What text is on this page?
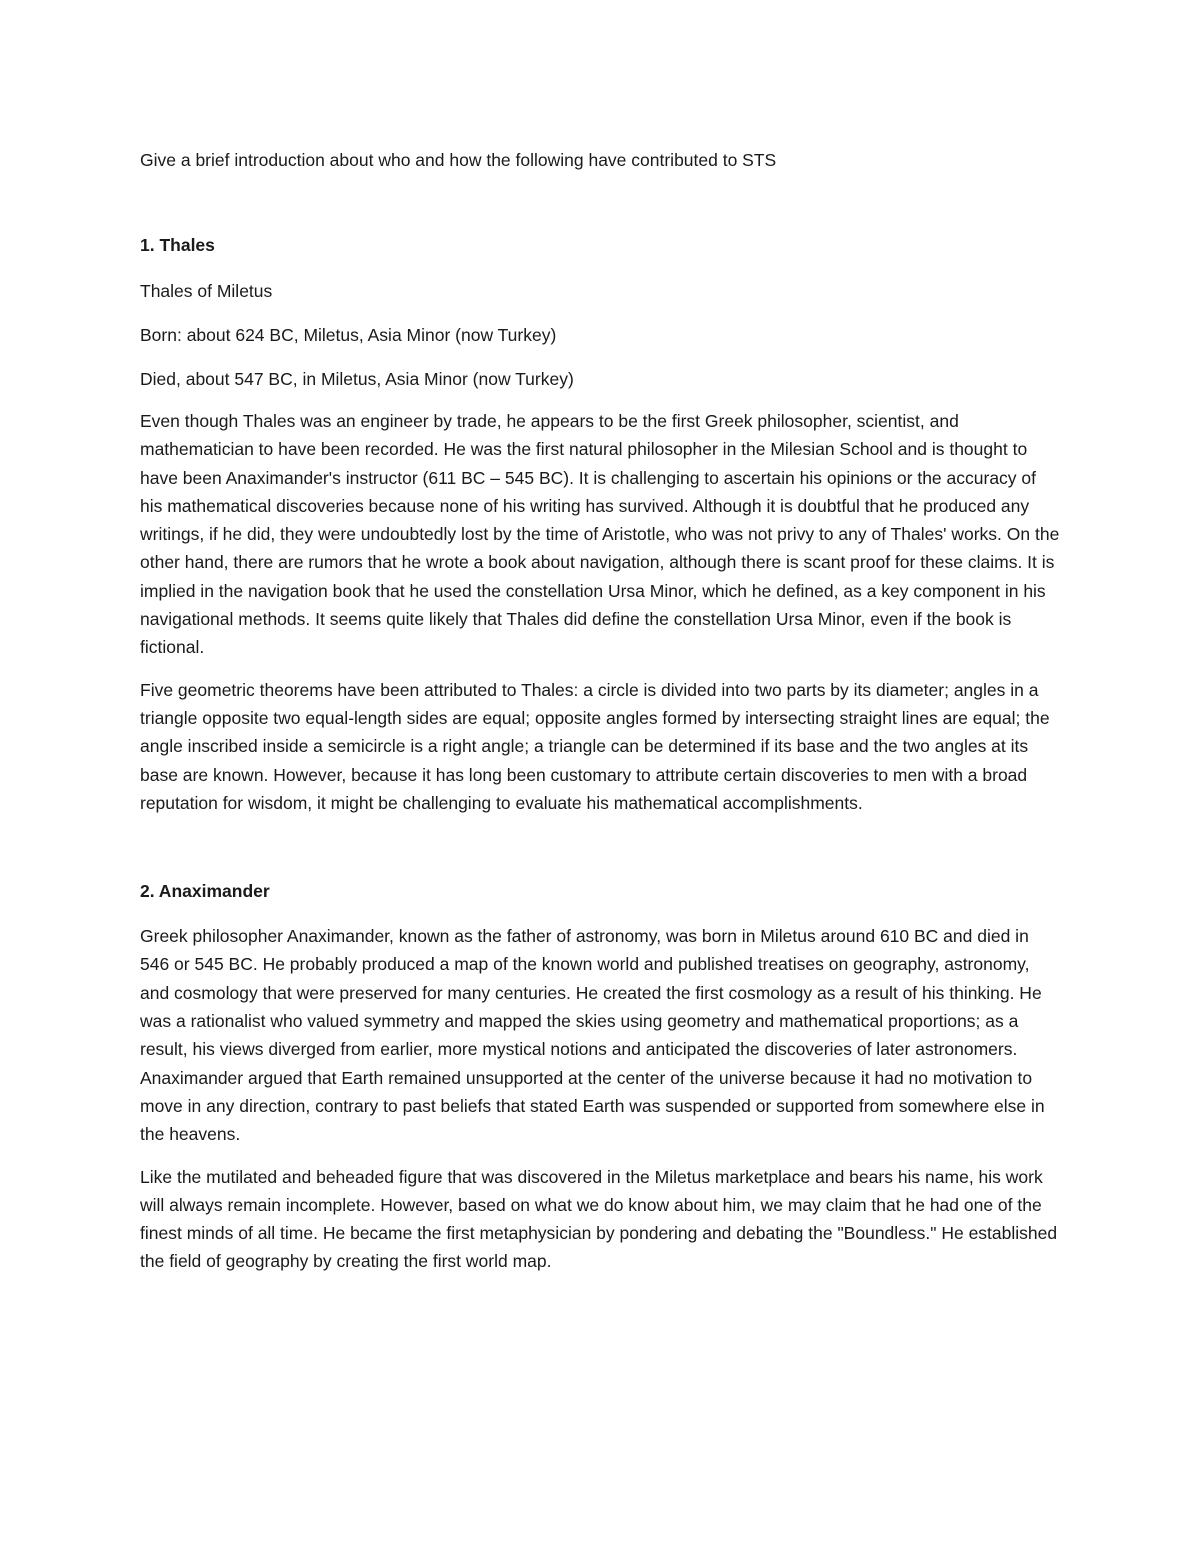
Give a brief introduction about who and how the following have contributed to STS

1. Thales

Thales of Miletus

Born: about 624 BC, Miletus, Asia Minor (now Turkey)

Died, about 547 BC, in Miletus, Asia Minor (now Turkey)

Even though Thales was an engineer by trade, he appears to be the first Greek philosopher, scientist, and mathematician to have been recorded. He was the first natural philosopher in the Milesian School and is thought to have been Anaximander's instructor (611 BC – 545 BC). It is challenging to ascertain his opinions or the accuracy of his mathematical discoveries because none of his writing has survived. Although it is doubtful that he produced any writings, if he did, they were undoubtedly lost by the time of Aristotle, who was not privy to any of Thales' works. On the other hand, there are rumors that he wrote a book about navigation, although there is scant proof for these claims. It is implied in the navigation book that he used the constellation Ursa Minor, which he defined, as a key component in his navigational methods. It seems quite likely that Thales did define the constellation Ursa Minor, even if the book is fictional.

Five geometric theorems have been attributed to Thales: a circle is divided into two parts by its diameter; angles in a triangle opposite two equal-length sides are equal; opposite angles formed by intersecting straight lines are equal; the angle inscribed inside a semicircle is a right angle; a triangle can be determined if its base and the two angles at its base are known. However, because it has long been customary to attribute certain discoveries to men with a broad reputation for wisdom, it might be challenging to evaluate his mathematical accomplishments.

2. Anaximander

Greek philosopher Anaximander, known as the father of astronomy, was born in Miletus around 610 BC and died in 546 or 545 BC. He probably produced a map of the known world and published treatises on geography, astronomy, and cosmology that were preserved for many centuries. He created the first cosmology as a result of his thinking. He was a rationalist who valued symmetry and mapped the skies using geometry and mathematical proportions; as a result, his views diverged from earlier, more mystical notions and anticipated the discoveries of later astronomers. Anaximander argued that Earth remained unsupported at the center of the universe because it had no motivation to move in any direction, contrary to past beliefs that stated Earth was suspended or supported from somewhere else in the heavens.

Like the mutilated and beheaded figure that was discovered in the Miletus marketplace and bears his name, his work will always remain incomplete. However, based on what we do know about him, we may claim that he had one of the finest minds of all time. He became the first metaphysician by pondering and debating the "Boundless." He established the field of geography by creating the first world map.
